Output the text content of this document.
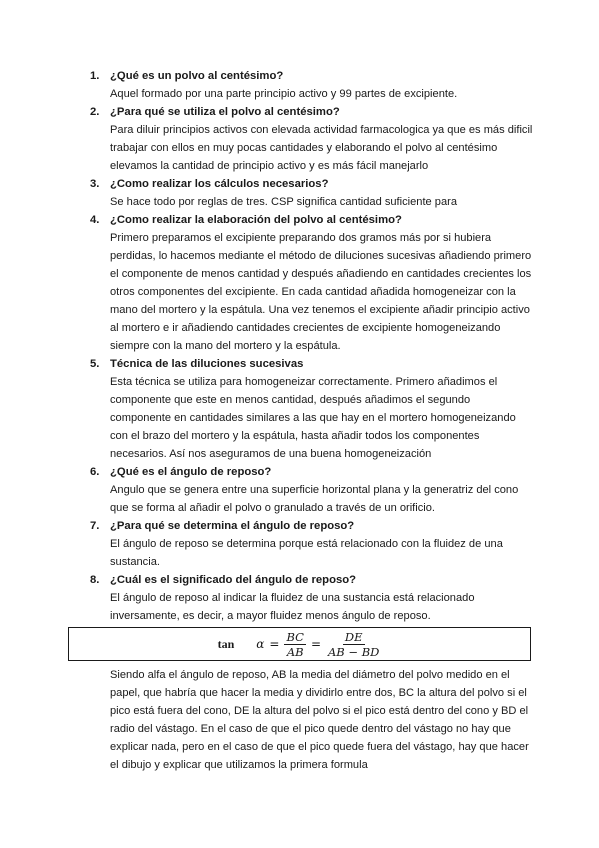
1. ¿Qué es un polvo al centésimo?
Aquel formado por una parte principio activo y 99 partes de excipiente.
2. ¿Para qué se utiliza el polvo al centésimo?
Para diluir principios activos con elevada actividad farmacologica ya que es más dificil trabajar con ellos en muy pocas cantidades y elaborando el polvo al centésimo elevamos la cantidad de principio activo y es más fácil manejarlo
3. ¿Como realizar los cálculos necesarios?
Se hace todo por reglas de tres. CSP significa cantidad suficiente para
4. ¿Como realizar la elaboración del polvo al centésimo?
Primero preparamos el excipiente preparando dos gramos más por si hubiera perdidas, lo hacemos mediante el método de diluciones sucesivas añadiendo primero el componente de menos cantidad y después añadiendo en cantidades crecientes los otros componentes del excipiente. En cada cantidad añadida homogeneizar con la mano del mortero y la espátula. Una vez tenemos el excipiente añadir principio activo al mortero e ir añadiendo cantidades crecientes de excipiente homogeneizando siempre con la mano del mortero y la espátula.
5. Técnica de las diluciones sucesivas
Esta técnica se utiliza para homogeneizar correctamente. Primero añadimos el componente que este en menos cantidad, después añadimos el segundo componente en cantidades similares a las que hay en el mortero homogeneizando con el brazo del mortero y la espátula, hasta añadir todos los componentes necesarios. Así nos aseguramos de una buena homogeneización
6. ¿Qué es el ángulo de reposo?
Angulo que se genera entre una superficie horizontal plana y la generatriz del cono que se forma al añadir el polvo o granulado a través de un orificio.
7. ¿Para qué se determina el ángulo de reposo?
El ángulo de reposo se determina porque está relacionado con la fluidez de una sustancia.
8. ¿Cuál es el significado del ángulo de reposo?
El ángulo de reposo al indicar la fluidez de una sustancia está relacionado inversamente, es decir, a mayor fluidez menos ángulo de reposo.
$\tan \alpha = \frac{BC}{AB} = \frac{DE}{AB - BD}$
Siendo alfa el ángulo de reposo, AB la media del diámetro del polvo medido en el papel, que habría que hacer la media y dividirlo entre dos, BC la altura del polvo si el pico está fuera del cono, DE la altura del polvo si el pico está dentro del cono y BD el radio del vástago. En el caso de que el pico quede dentro del vástago no hay que explicar nada, pero en el caso de que el pico quede fuera del vástago, hay que hacer el dibujo y explicar que utilizamos la primera formula
